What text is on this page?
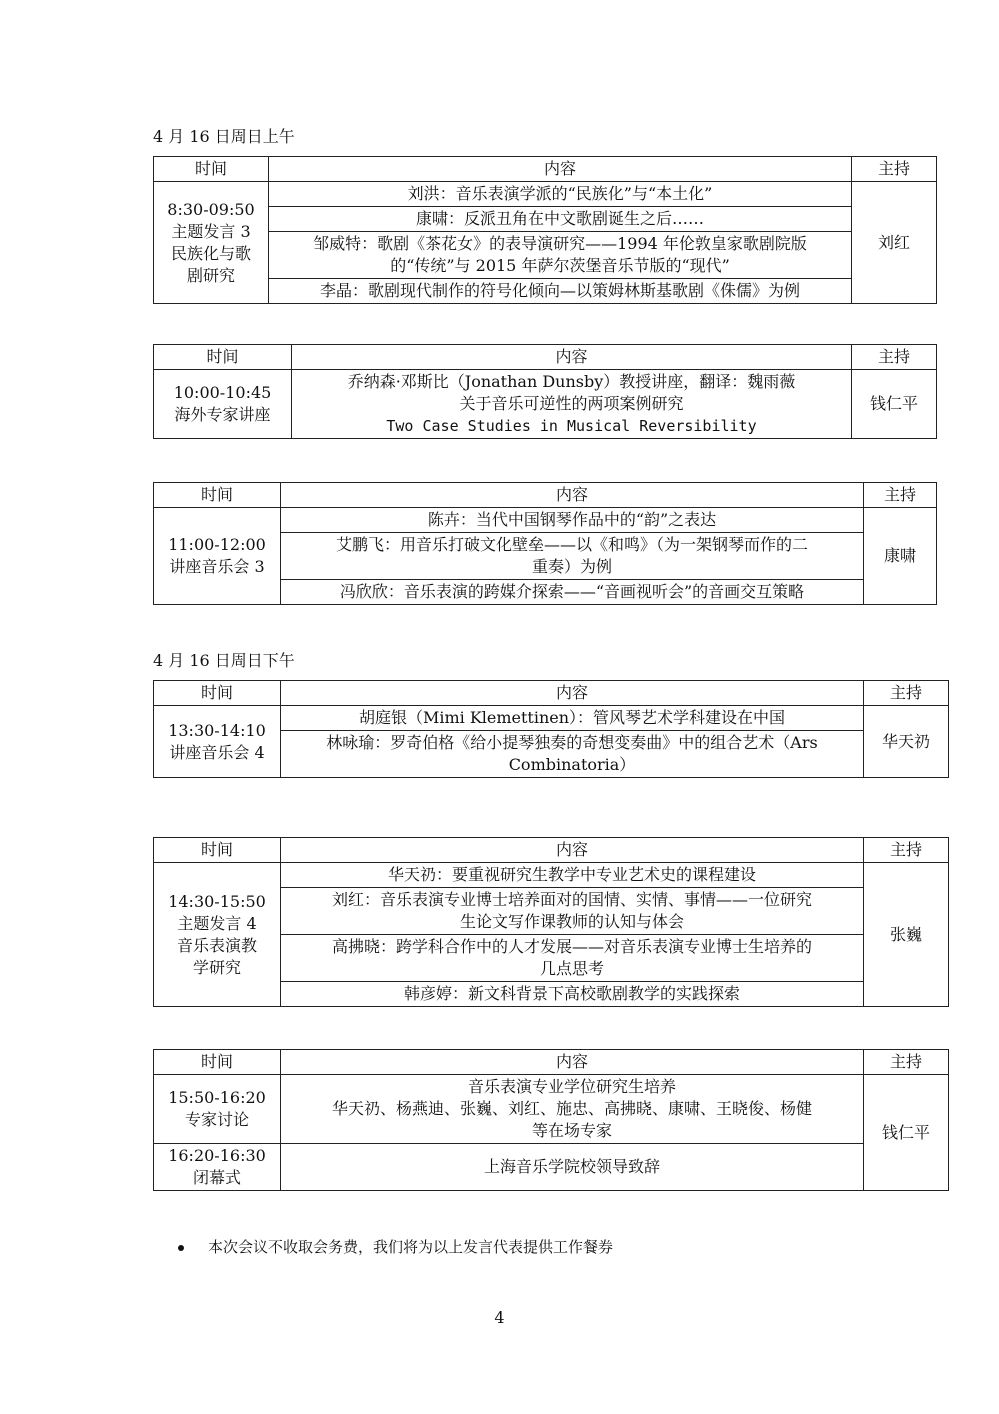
4 月 16 日周日上午
时间	内容	主持

8:30-09:50
主题发言 3
民族化与歌
剧研究	刘洪：音乐表演学派的“民族化”与“本土化”	刘红
	康啸：反派丑角在中文歌剧诞生之后……	

	邹威特：歌剧《茶花女》的表导演研究——1994 年伦敦皇家歌剧院版
的“传统”与 2015 年萨尔茨堡音乐节版的“现代”	

	李晶：歌剧现代制作的符号化倾向—以策姆林斯基歌剧《侏儒》为例	
时间	内容	主持

10:00-10:45
海外专家讲座	乔纳森·邓斯比（Jonathan Dunsby）教授讲座，翻译：魏雨薇
关于音乐可逆性的两项案例研究
Two Case Studies in Musical Reversibility	钱仁平
时间	内容	主持

11:00-12:00
讲座音乐会 3	陈卉：当代中国钢琴作品中的“韵”之表达	康啸

	艾鹏飞：用音乐打破文化壁垒——以《和鸣》（为一架钢琴而作的二
重奏）为例	

	冯欣欣：音乐表演的跨媒介探索——“音画视听会”的音画交互策略	
4 月 16 日周日下午
时间	内容	主持

13:30-14:10
讲座音乐会 4	胡庭银（Mimi Klemettinen）：管风琴艺术学科建设在中国	华天礽

	林咏瑜：罗奇伯格《给小提琴独奏的奇想变奏曲》中的组合艺术（Ars
Combinatoria）	
时间	内容	主持

14:30-15:50
主题发言 4
音乐表演教
学研究	华天礽：要重视研究生教学中专业艺术史的课程建设	张巍

	刘红：音乐表演专业博士培养面对的国情、实情、事情——一位研究
生论文写作课教师的认知与体会	

	高拂晓：跨学科合作中的人才发展——对音乐表演专业博士生培养的
几点思考	

	韩彦婷：新文科背景下高校歌剧教学的实践探索	
时间	内容	主持

15:50-16:20
专家讨论	音乐表演专业学位研究生培养
华天礽、杨燕迪、张巍、刘红、施忠、高拂晓、康啸、王晓俊、杨健
等在场专家	钱仁平

16:20-16:30
闭幕式	上海音乐学院校领导致辞	
本次会议不收取会务费，我们将为以上发言代表提供工作餐券
4
